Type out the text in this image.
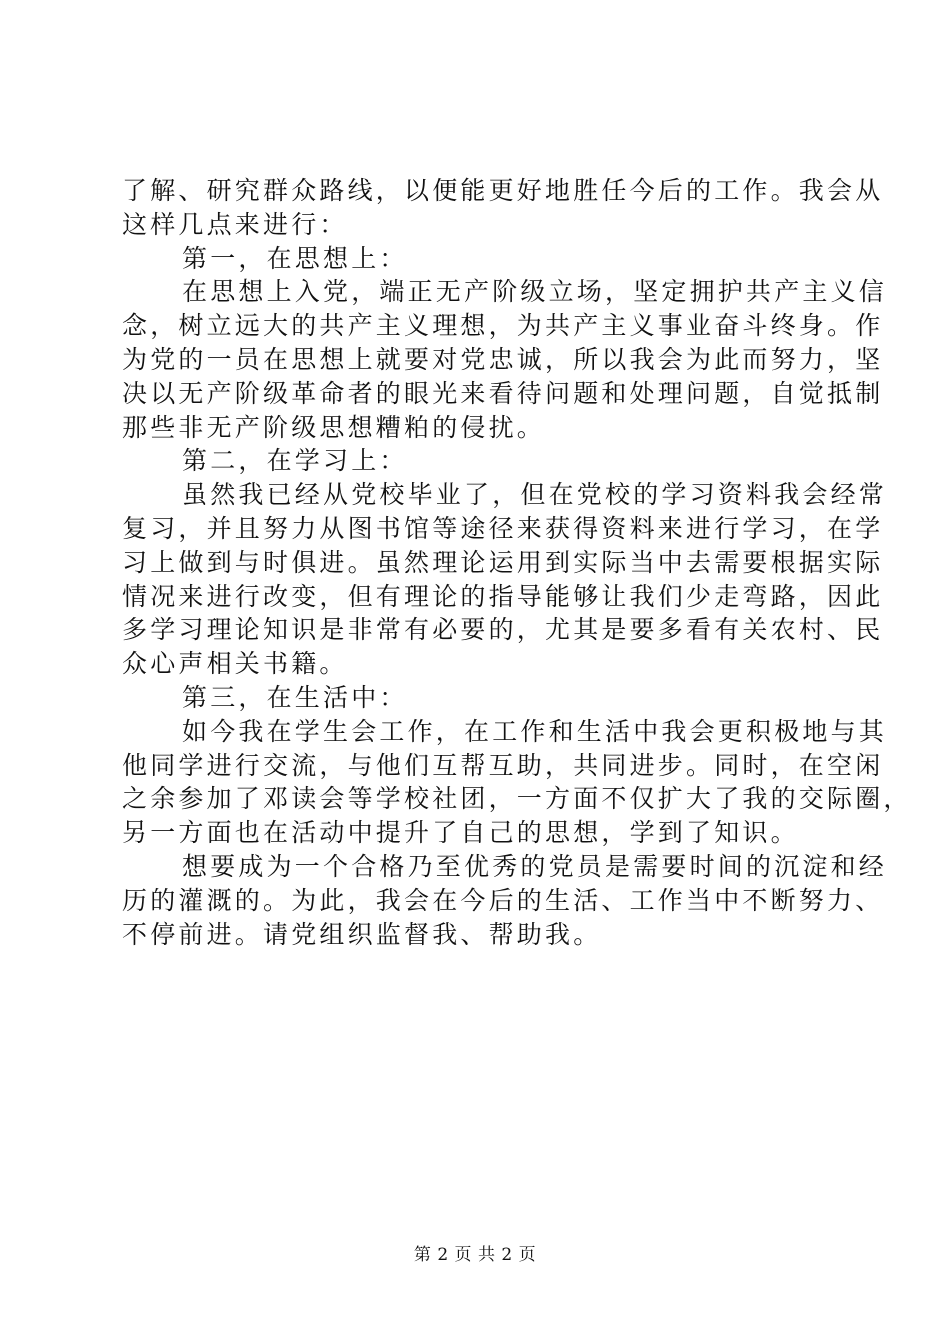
了解、研究群众路线，以便能更好地胜任今后的工作。我会从
这样几点来进行：
第一，在思想上：
在思想上入党，端正无产阶级立场，坚定拥护共产主义信
念，树立远大的共产主义理想，为共产主义事业奋斗终身。作
为党的一员在思想上就要对党忠诚，所以我会为此而努力，坚
决以无产阶级革命者的眼光来看待问题和处理问题，自觉抵制
那些非无产阶级思想糟粕的侵扰。
第二，在学习上：
虽然我已经从党校毕业了，但在党校的学习资料我会经常
复习，并且努力从图书馆等途径来获得资料来进行学习，在学
习上做到与时俱进。虽然理论运用到实际当中去需要根据实际
情况来进行改变，但有理论的指导能够让我们少走弯路，因此
多学习理论知识是非常有必要的，尤其是要多看有关农村、民
众心声相关书籍。
第三，在生活中：
如今我在学生会工作，在工作和生活中我会更积极地与其
他同学进行交流，与他们互帮互助，共同进步。同时，在空闲
之余参加了邓读会等学校社团，一方面不仅扩大了我的交际圈，
另一方面也在活动中提升了自己的思想，学到了知识。
想要成为一个合格乃至优秀的党员是需要时间的沉淀和经
历的灌溉的。为此，我会在今后的生活、工作当中不断努力、
不停前进。请党组织监督我、帮助我。
第 2 页 共 2 页
